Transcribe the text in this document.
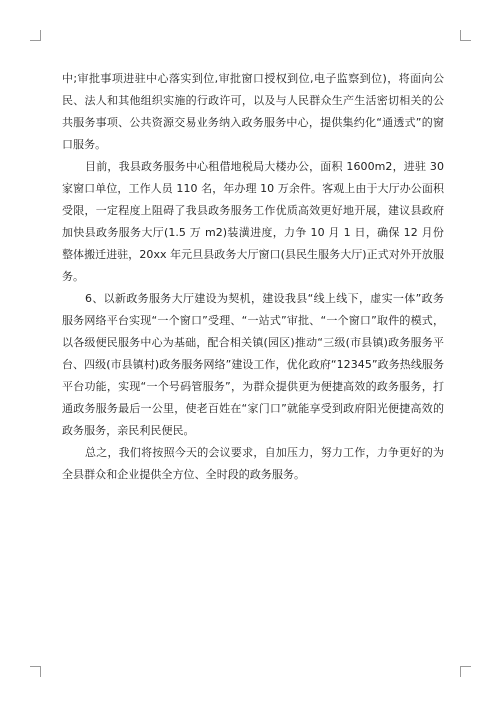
中;审批事项进驻中心落实到位,审批窗口授权到位,电子监察到位)，将面向公民、法人和其他组织实施的行政许可，以及与人民群众生产生活密切相关的公共服务事项、公共资源交易业务纳入政务服务中心，提供集约化“通透式”的窗口服务。

目前，我县政务服务中心租借地税局大楼办公，面积 1600m2，进驻 30 家窗口单位，工作人员 110 名，年办理 10 万余件。客观上由于大厅办公面积受限，一定程度上阻碍了我县政务服务工作优质高效更好地开展，建议县政府加快县政务服务大厅(1.5 万 m2)装潢进度，力争 10 月 1 日，确保 12 月份整体搬迁进驻，20xx 年元旦县政务大厅窗口(县民生服务大厅)正式对外开放服务。

6、以新政务服务大厅建设为契机，建设我县“线上线下，虚实一体”政务服务网络平台实现“一个窗口”受理、“一站式”审批、“一个窗口”取件的模式，以各级便民服务中心为基础，配合相关镇(园区)推动“三级(市县镇)政务服务平台、四级(市县镇村)政务服务网络”建设工作，优化政府“12345”政务热线服务平台功能，实现“一个号码管服务”，为群众提供更为便捷高效的政务服务，打通政务服务最后一公里，使老百姓在“家门口”就能享受到政府阳光便捷高效的政务服务，亲民利民便民。

总之，我们将按照今天的会议要求，自加压力，努力工作，力争更好的为全县群众和企业提供全方位、全时段的政务服务。
